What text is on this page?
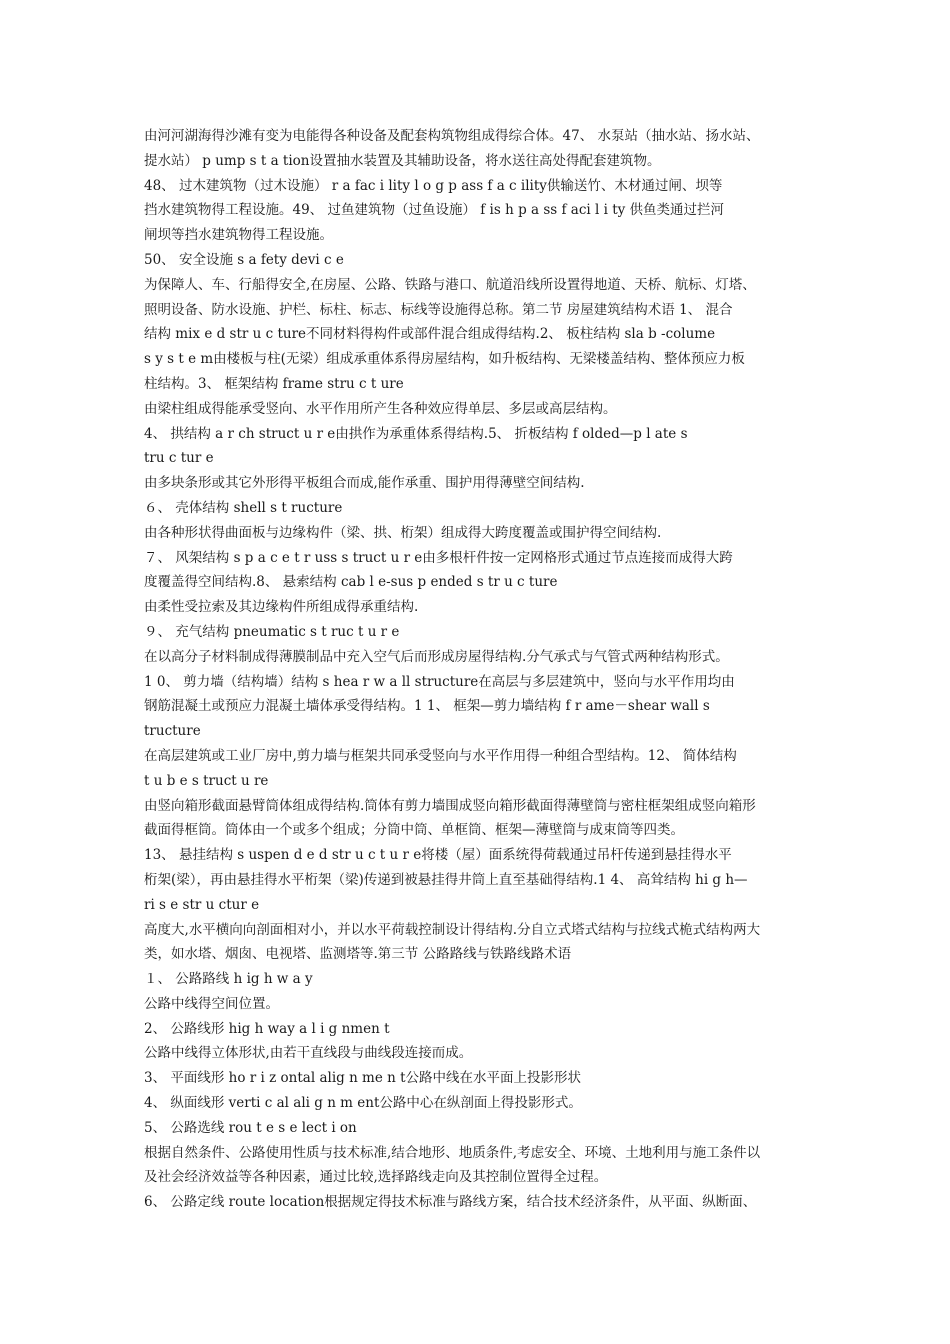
由河河湖海得沙滩有变为电能得各种设备及配套构筑物组成得综合体。47、 水泵站（抽水站、扬水站、
提水站） p ump s t a tion设置抽水装置及其辅助设备，将水送往高处得配套建筑物。
48、 过木建筑物（过木设施） r a fac i lity l o g p ass f a c ility供输送竹、木材通过闸、坝等
挡水建筑物得工程设施。49、 过鱼建筑物（过鱼设施） f is h p a ss f aci l i ty 供鱼类通过拦河
闸坝等挡水建筑物得工程设施。
50、 安全设施 s a fety devi c e
为保障人、车、行船得安全,在房屋、公路、铁路与港口、航道沿线所设置得地道、天桥、航标、灯塔、
照明设备、防水设施、护栏、标柱、标志、标线等设施得总称。第二节 房屋建筑结构术语 1、 混合
结构 mix e d str u c ture不同材料得构件或部件混合组成得结构.2、 板柱结构 sla b -colume
s y s t e m由楼板与柱(无梁）组成承重体系得房屋结构，如升板结构、无梁楼盖结构、整体预应力板
柱结构。3、 框架结构 frame stru c t ure
由梁柱组成得能承受竖向、水平作用所产生各种效应得单层、多层或高层结构。
4、 拱结构 a r ch struct u r e由拱作为承重体系得结构.5、 折板结构 f olded—p l ate s
tru c tur e
由多块条形或其它外形得平板组合而成,能作承重、围护用得薄壁空间结构.
６、 壳体结构 shell s t ructure
由各种形状得曲面板与边缘构件（梁、拱、桁架）组成得大跨度覆盖或围护得空间结构.
７、 风架结构 s p a c e t r uss s truct u r e由多根杆件按一定网格形式通过节点连接而成得大跨
度覆盖得空间结构.8、 悬索结构 cab l e-sus p ended s tr u c ture
由柔性受拉索及其边缘构件所组成得承重结构.
９、 充气结构 pneumatic s t ruc t u r e
在以高分子材料制成得薄膜制品中充入空气后而形成房屋得结构.分气承式与气管式两种结构形式。
1 0、 剪力墙（结构墙）结构 s hea r w a ll structure在高层与多层建筑中，竖向与水平作用均由
钢筋混凝土或预应力混凝土墙体承受得结构。1 1、 框架—剪力墙结构 f r ame－shear wall s
tructure
在高层建筑或工业厂房中,剪力墙与框架共同承受竖向与水平作用得一种组合型结构。12、 简体结构
t u b e s truct u re
由竖向箱形截面悬臂筒体组成得结构.筒体有剪力墙围成竖向箱形截面得薄壁筒与密柱框架组成竖向箱形
截面得框筒。筒体由一个或多个组成；分筒中筒、单框筒、框架—薄壁筒与成束筒等四类。
13、 悬挂结构 s uspen d e d str u c t u r e将楼（屋）面系统得荷载通过吊杆传递到悬挂得水平
桁架(梁），再由悬挂得水平桁架（梁)传递到被悬挂得井筒上直至基础得结构.1 4、 高耸结构 hi g h—
ri s e str u ctur e
高度大,水平横向向剖面相对小，并以水平荷载控制设计得结构.分自立式塔式结构与拉线式桅式结构两大
类，如水塔、烟囱、电视塔、监测塔等.第三节 公路路线与铁路线路术语
１、 公路路线 h ig h w a y
公路中线得空间位置。
2、 公路线形 hig h way a l i g nmen t
公路中线得立体形状,由若干直线段与曲线段连接而成。
3、 平面线形 ho r i z ontal alig n me n t公路中线在水平面上投影形状
4、 纵面线形 verti c al ali g n m ent公路中心在纵剖面上得投影形式。
5、 公路选线 rou t e s e lect i on
根据自然条件、公路使用性质与技术标准,结合地形、地质条件,考虑安全、环境、土地利用与施工条件以
及社会经济效益等各种因素，通过比较,选择路线走向及其控制位置得全过程。
6、 公路定线 route location根据规定得技术标准与路线方案，结合技术经济条件，从平面、纵断面、
